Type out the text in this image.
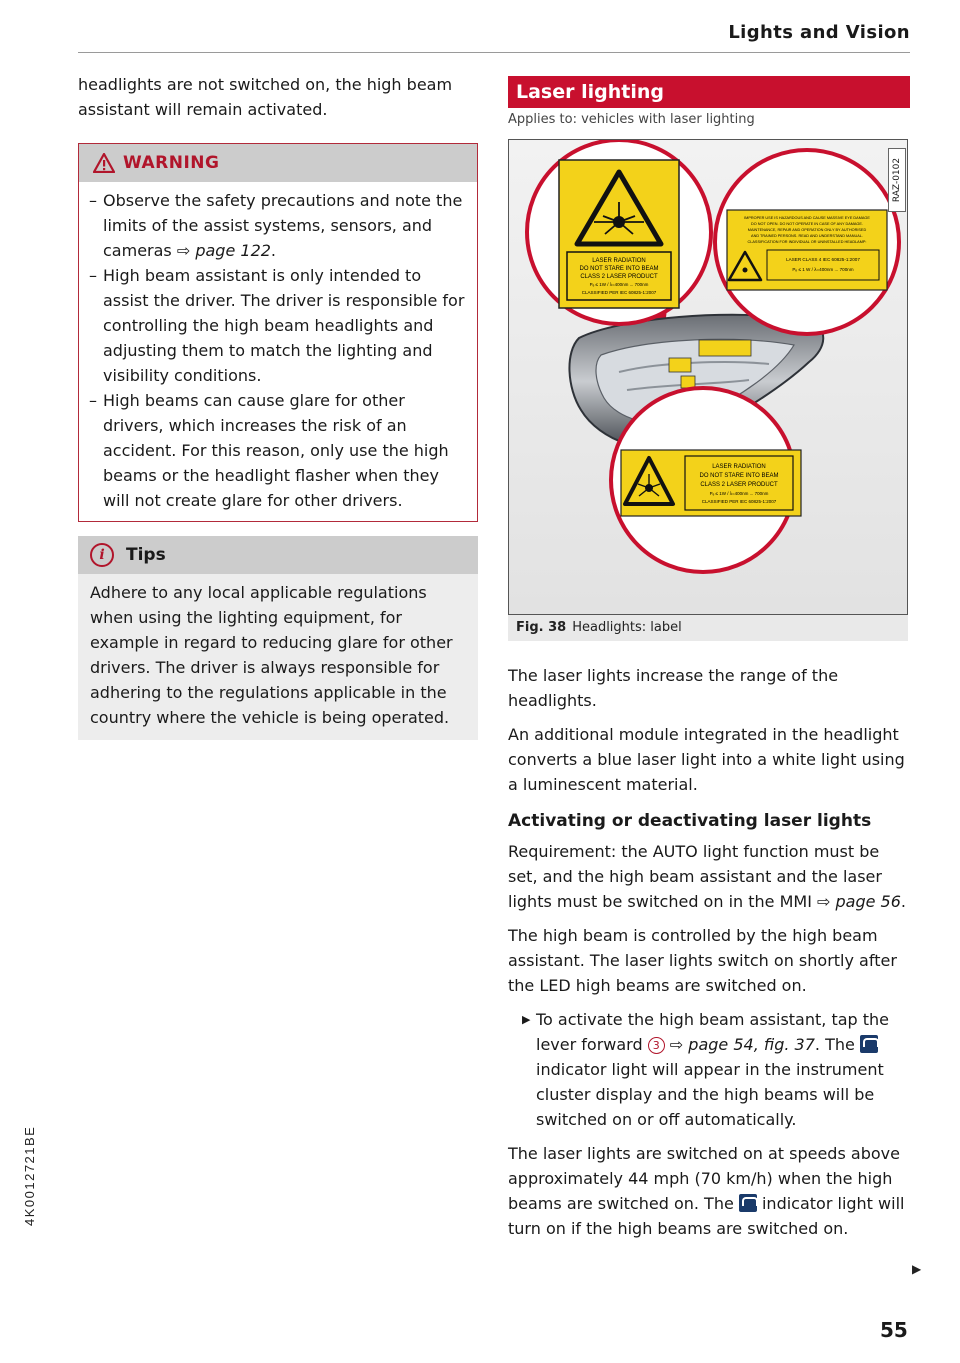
Lights and Vision
4K0012721BE

headlights are not switched on, the high beam assistant will remain activated.

WARNING
– Observe the safety precautions and note the limits of the assist systems, sensors, and cameras ⇨ page 122.
– High beam assistant is only intended to assist the driver. The driver is responsible for controlling the high beam headlights and adjusting them to match the lighting and visibility conditions.
– High beams can cause glare for other drivers, which increases the risk of an accident. For this reason, only use the high beams or the headlight flasher when they will not create glare for other drivers.
i	Tips

Adhere to any local applicable regulations when using the lighting equipment, for example in regard to reducing glare for other drivers. The driver is always responsible for adhering to the regulations applicable in the country where the vehicle is being operated.

Laser lighting
Applies to: vehicles with laser lighting
RAZ-0102
LASER RADIATION
DO NOT STARE INTO BEAM
CLASS 2 LASER PRODUCT
Pₑ ≤ 1W / λ=400nm ... 700nm
CLASSIFIED PER IEC 60825-1:2007
IMPROPER USE IS HAZARDOUS AND CAUSE MASSIVE EYE DAMAGE
DO NOT OPEN. DO NOT OPERATE IN CASE OF ANY DAMAGE.
MAINTENANCE, REPAIR AND OPERATION ONLY BY AUTHORISED
AND TRAINED PERSONS. READ AND UNDERSTAND MANUAL.
CLASSIFICATION FOR INDIVIDUAL OR UNINSTALLED HEADLAMP:
LASER CLASS 4 IEC 60825-1:2007
Pₑ ≤ 1 W / λ=400nm ... 700nm
LASER RADIATION
DO NOT STARE INTO BEAM
CLASS 2 LASER PRODUCT
Pₑ ≤ 1W / λ=400nm ... 700nm
CLASSIFIED PER IEC 60825-1:2007
Fig. 38 Headlights: label

The laser lights increase the range of the headlights.

An additional module integrated in the headlight converts a blue laser light into a white light using a luminescent material.

Activating or deactivating laser lights

Requirement: the AUTO light function must be set, and the high beam assistant and the laser lights must be switched on in the MMI ⇨ page 56.

The high beam is controlled by the high beam assistant. The laser lights switch on shortly after the LED high beams are switched on.

▶ To activate the high beam assistant, tap the lever forward 3 ⇨ page 54, fig. 37. The  indicator light will appear in the instrument cluster display and the high beams will be switched on or off automatically.

The laser lights are switched on at speeds above approximately 44 mph (70 km/h) when the high beams are switched on. The  indicator light will turn on if the high beams are switched on.

▶
55
